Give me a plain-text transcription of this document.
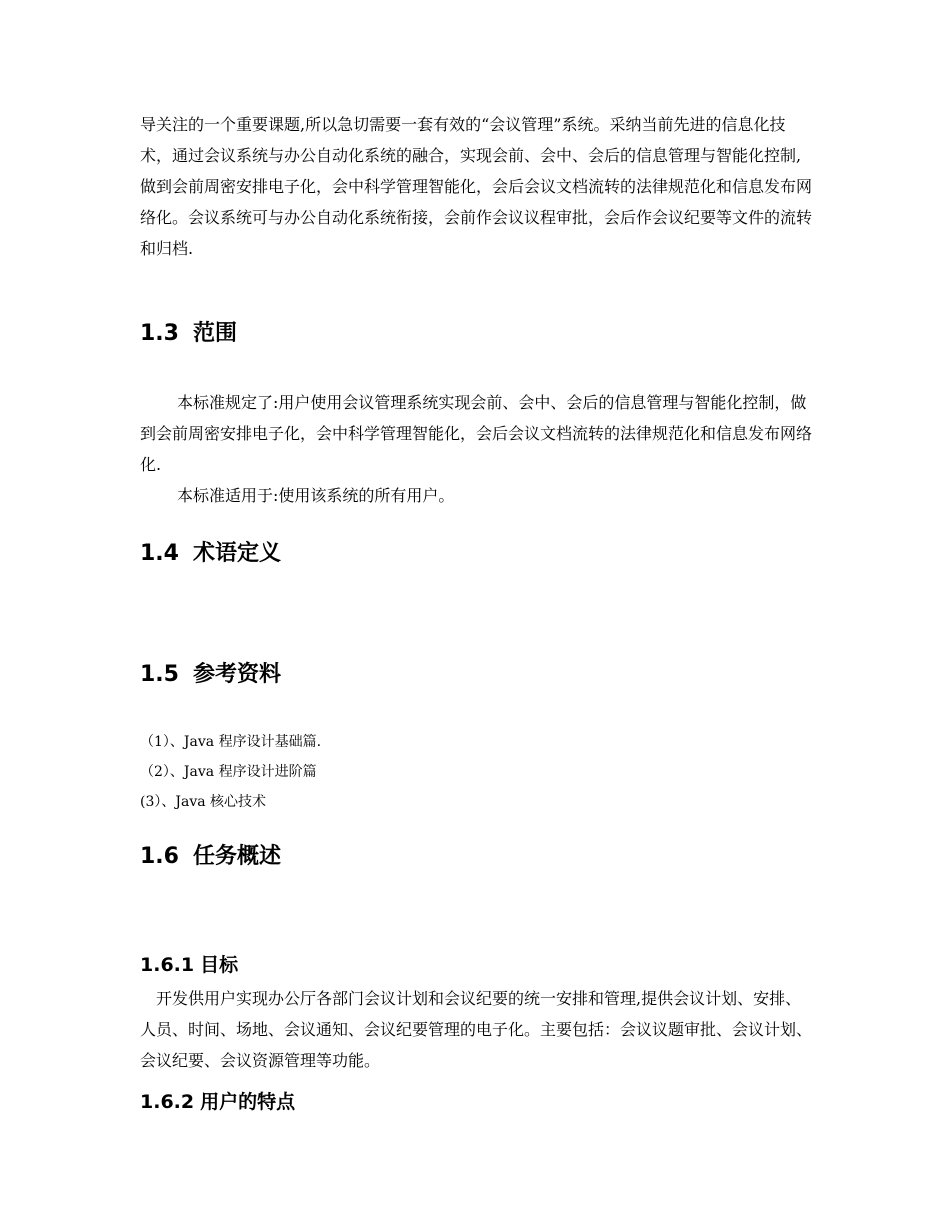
导关注的一个重要课题,所以急切需要一套有效的“会议管理”系统。采纳当前先进的信息化技术，通过会议系统与办公自动化系统的融合，实现会前、会中、会后的信息管理与智能化控制,做到会前周密安排电子化，会中科学管理智能化，会后会议文档流转的法律规范化和信息发布网络化。会议系统可与办公自动化系统衔接，会前作会议议程审批，会后作会议纪要等文件的流转和归档.

1.3 范围

本标准规定了:用户使用会议管理系统实现会前、会中、会后的信息管理与智能化控制，做到会前周密安排电子化，会中科学管理智能化，会后会议文档流转的法律规范化和信息发布网络化.

本标准适用于:使用该系统的所有用户。

1.4 术语定义
1.5 参考资料

（1）、Java 程序设计基础篇.

（2）、Java 程序设计进阶篇

(3）、Java 核心技术

1.6 任务概述
1.6.1 目标

开发供用户实现办公厅各部门会议计划和会议纪要的统一安排和管理,提供会议计划、安排、人员、时间、场地、会议通知、会议纪要管理的电子化。主要包括：会议议题审批、会议计划、会议纪要、会议资源管理等功能。

1.6.2 用户的特点
